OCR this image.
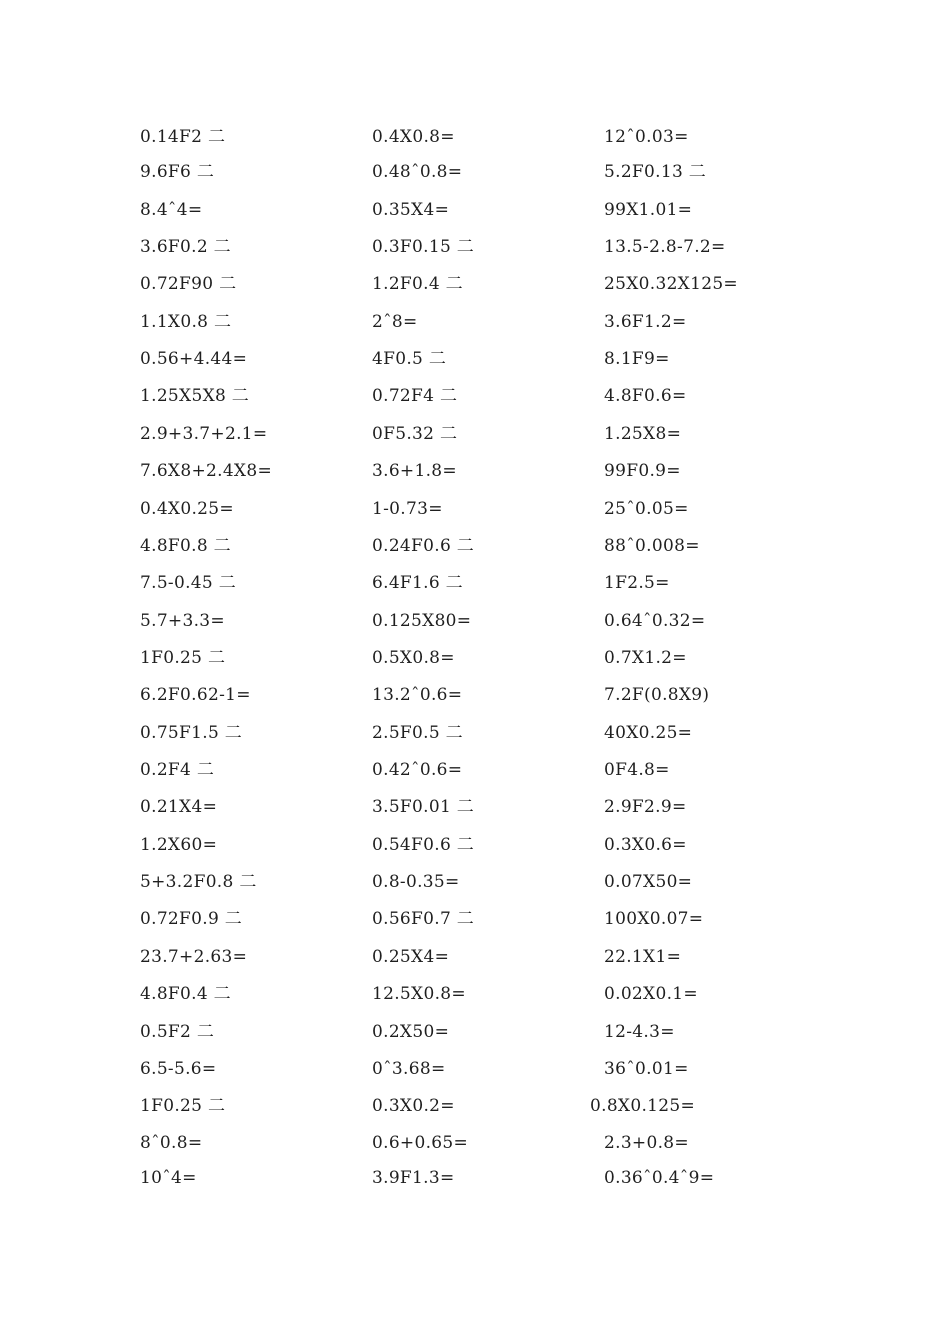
0.14F2 二
9.6F6 二
8.4ˆ4=
3.6F0.2 二
0.72F90 二
1.1X0.8 二
0.56+4.44=
1.25X5X8 二
2.9+3.7+2.1=
7.6X8+2.4X8=
0.4X0.25=
4.8F0.8 二
7.5-0.45 二
5.7+3.3=
1F0.25 二
6.2F0.62-1=
0.75F1.5 二
0.2F4 二
0.21X4=
1.2X60=
5+3.2F0.8 二
0.72F0.9 二
23.7+2.63=
4.8F0.4 二
0.5F2 二
6.5-5.6=
1F0.25 二
8ˆ0.8=
10ˆ4=
0.4X0.8=
0.48ˆ0.8=
0.35X4=
0.3F0.15 二
1.2F0.4 二
2ˆ8=
4F0.5 二
0.72F4 二
0F5.32 二
3.6+1.8=
1-0.73=
0.24F0.6 二
6.4F1.6 二
0.125X80=
0.5X0.8=
13.2ˆ0.6=
2.5F0.5 二
0.42ˆ0.6=
3.5F0.01 二
0.54F0.6 二
0.8-0.35=
0.56F0.7 二
0.25X4=
12.5X0.8=
0.2X50=
0ˆ3.68=
0.3X0.2=
0.6+0.65=
3.9F1.3=
12ˆ0.03=
5.2F0.13 二
99X1.01=
13.5-2.8-7.2=
25X0.32X125=
3.6F1.2=
8.1F9=
4.8F0.6=
1.25X8=
99F0.9=
25ˆ0.05=
88ˆ0.008=
1F2.5=
0.64ˆ0.32=
0.7X1.2=
7.2F(0.8X9)
40X0.25=
0F4.8=
2.9F2.9=
0.3X0.6=
0.07X50=
100X0.07=
22.1X1=
0.02X0.1=
12-4.3=
36ˆ0.01=
0.8X0.125=
2.3+0.8=
0.36ˆ0.4ˆ9=
